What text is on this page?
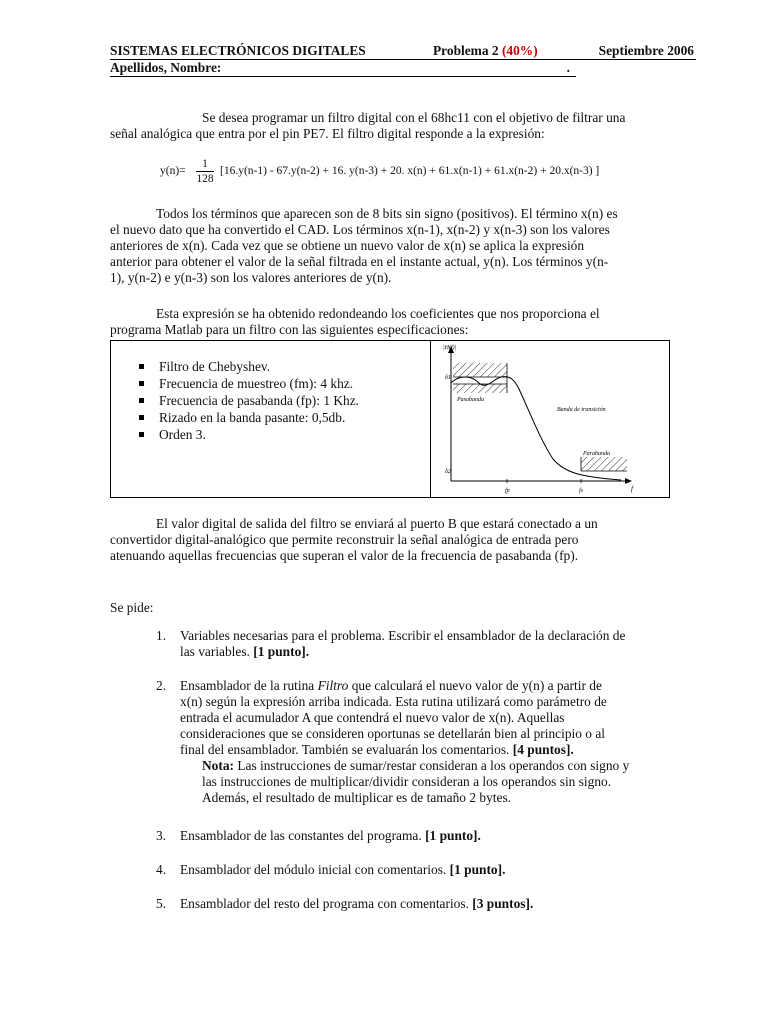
SISTEMAS ELECTRÓNICOS DIGITALES	Problema 2 (40%)	Septiembre 2006
Apellidos, Nombre:	.
Se desea programar un filtro digital con el 68hc11 con el objetivo de filtrar una
señal analógica que entra por el pin PE7. El filtro digital responde a la expresión:
$y(n)= \frac{1}{128} [16.y(n-1) - 67.y(n-2) + 16$. y(n-3) + 20. x(n) + 61.x(n-1) + 61.x(n-2) + 20.x(n-3) ]
Todos los términos que aparecen son de 8 bits sin signo (positivos). El término x(n) es
el nuevo dato que ha convertido el CAD. Los términos x(n-1), x(n-2) y x(n-3) son los valores
anteriores de x(n). Cada vez que se obtiene un nuevo valor de x(n) se aplica la expresión
anterior para obtener el valor de la señal filtrada en el instante actual, y(n). Los términos y(n-
1), y(n-2) e y(n-3) son los valores anteriores de y(n).
Esta expresión se ha obtenido redondeando los coeficientes que nos proporciona el
programa Matlab para un filtro con las siguientes especificaciones:
Filtro de Chebyshev.
Frecuencia de muestreo (fm): 4 khz.
Frecuencia de pasabanda (fp): 1 Khz.
Rizado en la banda pasante: 0,5db.
Orden 3.
|H(f)|
δ1
δ2
Pasabanda
Banda de transición
Parabanda
fp	fs	f
El valor digital de salida del filtro se enviará al puerto B que estará conectado a un
convertidor digital-analógico que permite reconstruir la señal analógica de entrada pero
atenuando aquellas frecuencias que superan el valor de la frecuencia de pasabanda (fp).
Se pide:
1. Variables necesarias para el problema. Escribir el ensamblador de la declaración de
las variables. [1 punto].
2. Ensamblador de la rutina Filtro que calculará el nuevo valor de y(n) a partir de
x(n) según la expresión arriba indicada. Esta rutina utilizará como parámetro de
entrada el acumulador A que contendrá el nuevo valor de x(n). Aquellas
consideraciones que se consideren oportunas se detellarán bien al principio o al
final del ensamblador. También se evaluarán los comentarios. [4 puntos].
Nota: Las instrucciones de sumar/restar consideran a los operandos con signo y
las instrucciones de multiplicar/dividir consideran a los operandos sin signo.
Además, el resultado de multiplicar es de tamaño 2 bytes.
3. Ensamblador de las constantes del programa. [1 punto].
4. Ensamblador del módulo inicial con comentarios. [1 punto].
5. Ensamblador del resto del programa con comentarios. [3 puntos].
